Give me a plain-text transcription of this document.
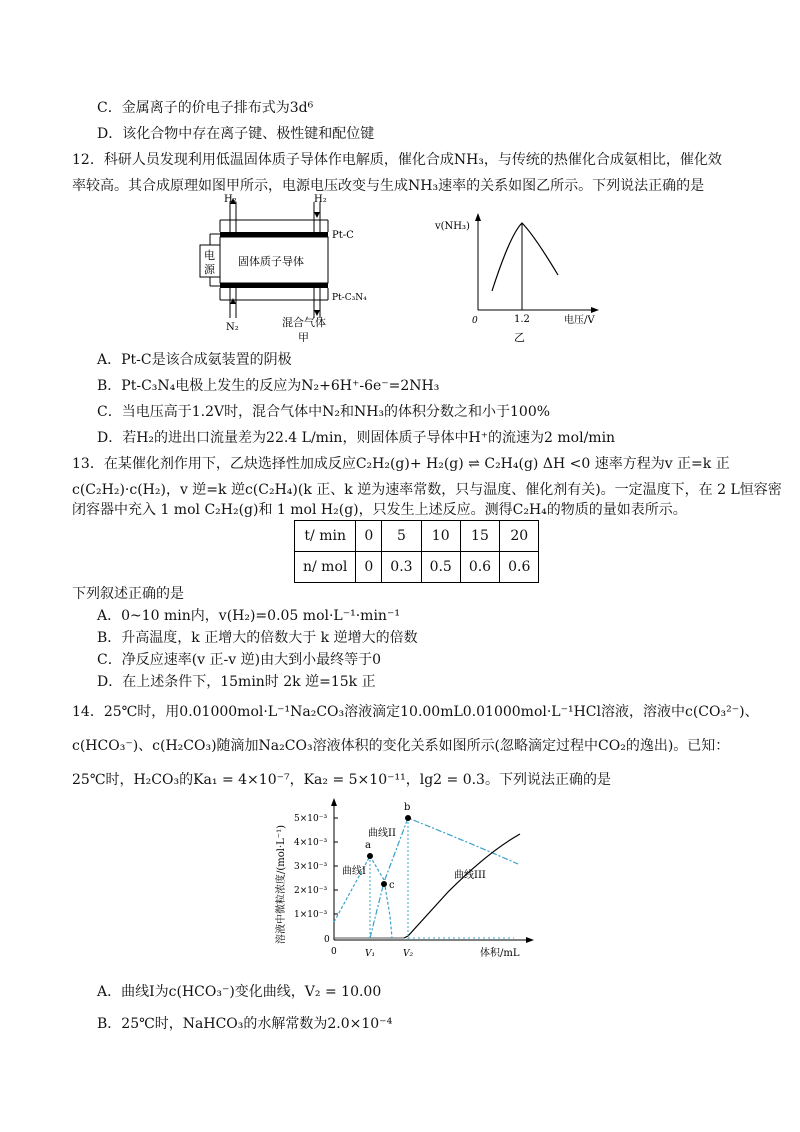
C．金属离子的价电子排布式为3d⁶
D．该化合物中存在离子键、极性键和配位键
12．科研人员发现利用低温固体质子导体作电解质，催化合成NH₃，与传统的热催化合成氨相比，催化效
率较高。其合成原理如图甲所示，电源电压改变与生成NH₃速率的关系如图乙所示。下列说法正确的是
H₂	H₂
Pt-C
固体质子导体
Pt-C₃N₄
N₂	混合气体
电
源
甲
v(NH₃)
0	1.2	电压/V
乙
A．Pt-C是该合成氨装置的阴极
B．Pt-C₃N₄电极上发生的反应为N₂+6H⁺-6e⁻=2NH₃
C．当电压高于1.2V时，混合气体中N₂和NH₃的体积分数之和小于100%
D．若H₂的进出口流量差为22.4 L/min，则固体质子导体中H⁺的流速为2 mol/min
13．在某催化剂作用下，乙炔选择性加成反应C₂H₂(g)+ H₂(g) ⇌ C₂H₄(g) ΔH <0 速率方程为v 正=k 正
c(C₂H₂)·c(H₂)，v 逆=k 逆c(C₂H₄)(k 正、k 逆为速率常数，只与温度、催化剂有关)。一定温度下，在 2 L恒容密
闭容器中充入 1 mol C₂H₂(g)和 1 mol H₂(g)，只发生上述反应。测得C₂H₄的物质的量如表所示。
t/ min	0	5	10	15	20
n/ mol	0	0.3	0.5	0.6	0.6
下列叙述正确的是
A．0~10 min内，v(H₂)=0.05 mol·L⁻¹·min⁻¹
B．升高温度，k 正增大的倍数大于 k 逆增大的倍数
C．净反应速率(v 正-v 逆)由大到小最终等于0
D．在上述条件下，15min时 2k 逆=15k 正
14．25℃时，用0.01000mol·L⁻¹Na₂CO₃溶液滴定10.00mL0.01000mol·L⁻¹HCl溶液，溶液中c(CO₃²⁻)、
c(HCO₃⁻)、c(H₂CO₃)随滴加Na₂CO₃溶液体积的变化关系如图所示(忽略滴定过程中CO₂的逸出)。已知：
25℃时，H₂CO₃的Ka₁ = 4×10⁻⁷，Ka₂ = 5×10⁻¹¹，lg2 = 0.3。下列说法正确的是
溶液中微粒浓度/(mol·L⁻¹)
5×10⁻³
4×10⁻³
3×10⁻³
2×10⁻³
1×10⁻³
0
a
b
c
曲线I
曲线II
曲线III
0	V₁	V₂	体积/mL
A．曲线I为c(HCO₃⁻)变化曲线，V₂ = 10.00
B．25℃时，NaHCO₃的水解常数为2.0×10⁻⁴
